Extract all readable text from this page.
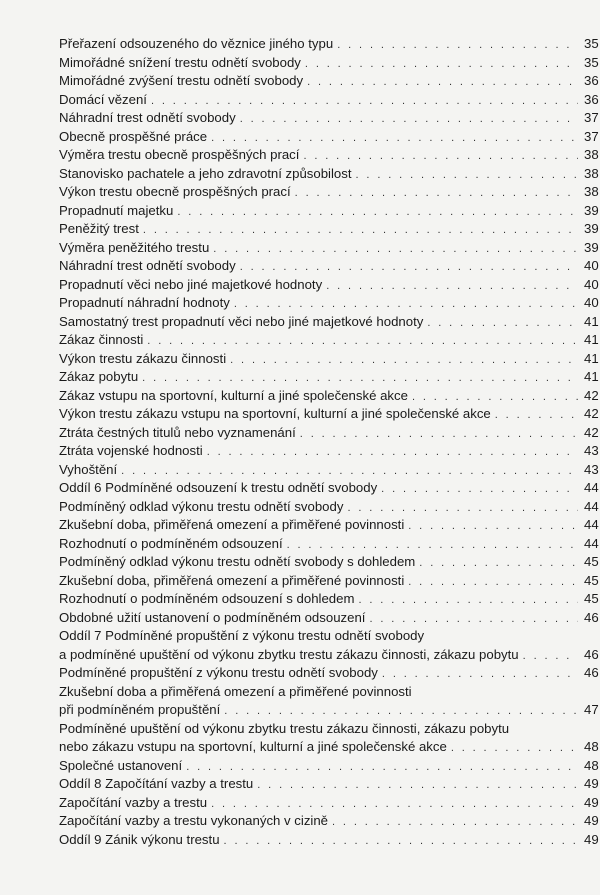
Přeřazení odsouzeného do věznice jiného typu . . .	35
Mimořádné snížení trestu odnětí svobody . . .	35
Mimořádné zvýšení trestu odnětí svobody . . .	36
Domácí vězení . . .	36
Náhradní trest odnětí svobody . . .	37
Obecně prospěšné práce . . .	37
Výměra trestu obecně prospěšných prací . . .	38
Stanovisko pachatele a jeho zdravotní způsobilost . . .	38
Výkon trestu obecně prospěšných prací . . .	38
Propadnutí majetku . . .	39
Peněžitý trest . . .	39
Výměra peněžitého trestu . . .	39
Náhradní trest odnětí svobody . . .	40
Propadnutí věci nebo jiné majetkové hodnoty . . .	40
Propadnutí náhradní hodnoty . . .	40
Samostatný trest propadnutí věci nebo jiné majetkové hodnoty . . .	41
Zákaz činnosti . . .	41
Výkon trestu zákazu činnosti . . .	41
Zákaz pobytu . . .	41
Zákaz vstupu na sportovní, kulturní a jiné společenské akce . . .	42
Výkon trestu zákazu vstupu na sportovní, kulturní a jiné společenské akce . . .	42
Ztráta čestných titulů nebo vyznamenání . . .	42
Ztráta vojenské hodnosti . . .	43
Vyhoštění . . .	43
Oddíl 6 Podmíněné odsouzení k trestu odnětí svobody . . .	44
Podmíněný odklad výkonu trestu odnětí svobody . . .	44
Zkušební doba, přiměřená omezení a přiměřené povinnosti . . .	44
Rozhodnutí o podmíněném odsouzení . . .	44
Podmíněný odklad výkonu trestu odnětí svobody s dohledem . . .	45
Zkušební doba, přiměřená omezení a přiměřené povinnosti . . .	45
Rozhodnutí o podmíněném odsouzení s dohledem . . .	45
Obdobné užití ustanovení o podmíněném odsouzení . . .	46
Oddíl 7 Podmíněné propuštění z výkonu trestu odnětí svobody
a podmíněné upuštění od výkonu zbytku trestu zákazu činnosti, zákazu pobytu . . .	46
Podmíněné propuštění z výkonu trestu odnětí svobody . . .	46
Zkušební doba a přiměřená omezení a přiměřené povinnosti
při podmíněném propuštění . . .	47
Podmíněné upuštění od výkonu zbytku trestu zákazu činnosti, zákazu pobytu
nebo zákazu vstupu na sportovní, kulturní a jiné společenské akce . . .	48
Společné ustanovení . . .	48
Oddíl 8 Započítání vazby a trestu . . .	49
Započítání vazby a trestu . . .	49
Započítání vazby a trestu vykonaných v cizině . . .	49
Oddíl 9 Zánik výkonu trestu . . .	49
